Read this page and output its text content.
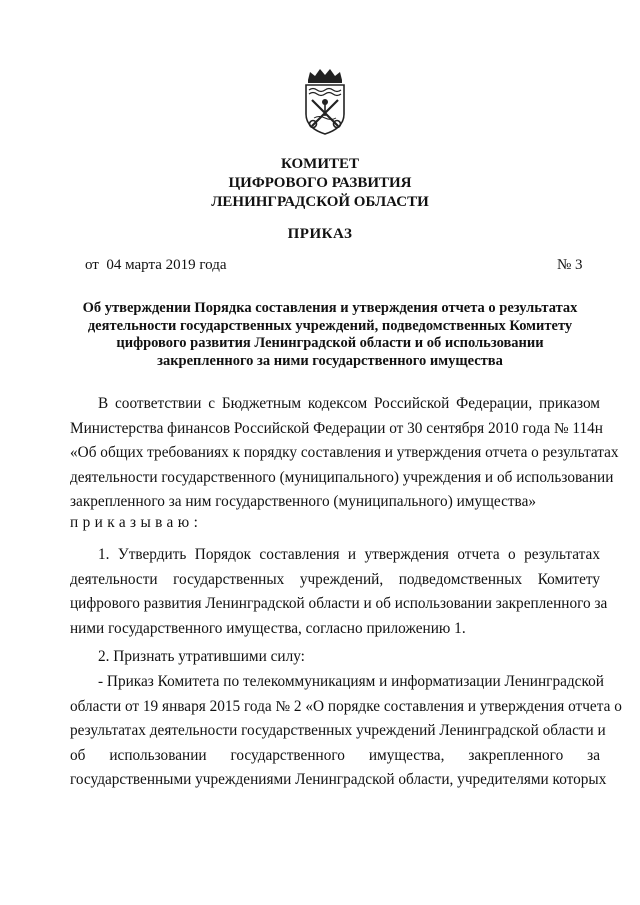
КОМИТЕТ
ЦИФРОВОГО РАЗВИТИЯ
ЛЕНИНГРАДСКОЙ ОБЛАСТИ
ПРИКАЗ
от  04 марта 2019 года	№ 3
Об утверждении Порядка составления и утверждения отчета о результатах
деятельности государственных учреждений, подведомственных Комитету
цифрового развития Ленинградской области и об использовании
закрепленного за ними государственного имущества
В соответствии с Бюджетным кодексом Российской Федерации, приказом
Министерства финансов Российской Федерации от 30 сентября 2010 года № 114н
«Об общих требованиях к порядку составления и утверждения отчета о результатах
деятельности государственного (муниципального) учреждения и об использовании
закрепленного за ним государственного (муниципального) имущества»
приказываю:
1. Утвердить Порядок составления и утверждения отчета о результатах
деятельности государственных учреждений, подведомственных Комитету
цифрового развития Ленинградской области и об использовании закрепленного за
ними государственного имущества, согласно приложению 1.
2. Признать утратившими силу:
- Приказ Комитета по телекоммуникациям и информатизации Ленинградской
области от 19 января 2015 года № 2 «О порядке составления и утверждения отчета о
результатах деятельности государственных учреждений Ленинградской области и
об использовании государственного имущества, закрепленного за
государственными учреждениями Ленинградской области, учредителями которых
